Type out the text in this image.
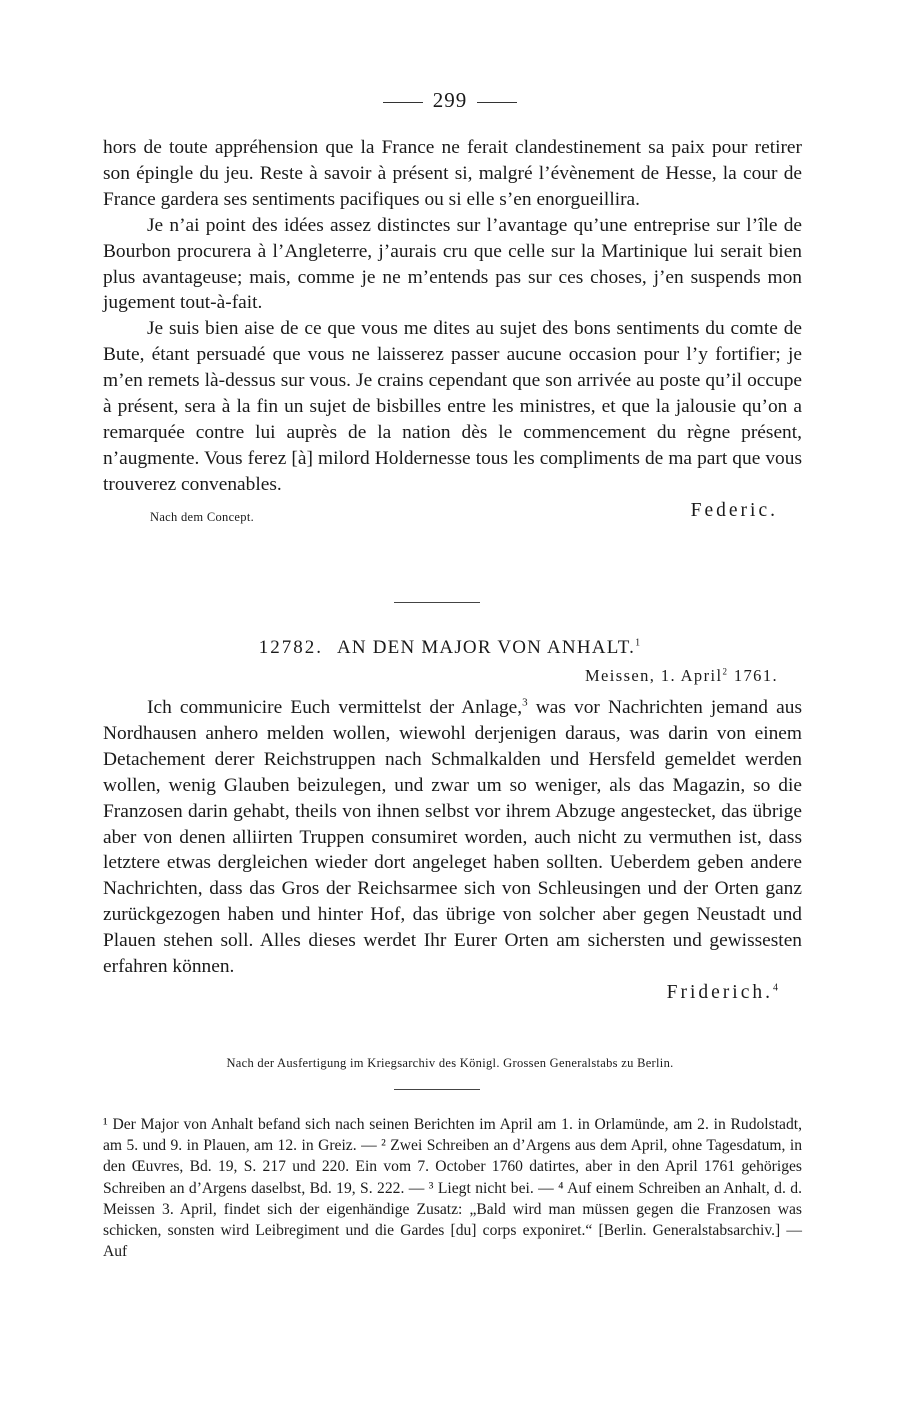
299

hors de toute appréhension que la France ne ferait clandestinement sa paix pour retirer son épingle du jeu. Reste à savoir à présent si, malgré l’évènement de Hesse, la cour de France gardera ses sentiments pacifiques ou si elle s’en enorgueillira.

Je n’ai point des idées assez distinctes sur l’avantage qu’une entreprise sur l’île de Bourbon procurera à l’Angleterre, j’aurais cru que celle sur la Martinique lui serait bien plus avantageuse; mais, comme je ne m’entends pas sur ces choses, j’en suspends mon jugement tout-à-fait.

Je suis bien aise de ce que vous me dites au sujet des bons sentiments du comte de Bute, étant persuadé que vous ne laisserez passer aucune occasion pour l’y fortifier; je m’en remets là-dessus sur vous. Je crains cependant que son arrivée au poste qu’il occupe à présent, sera à la fin un sujet de bisbilles entre les ministres, et que la jalousie qu’on a remarquée contre lui auprès de la nation dès le commencement du règne présent, n’augmente. Vous ferez [à] milord Holdernesse tous les compliments de ma part que vous trouverez convenables.

Nach dem Concept.	Federic.
12782. AN DEN MAJOR VON ANHALT.$^1$
Meissen, 1. April$^2$ 1761.

Ich communicire Euch vermittelst der Anlage,$^3$ was vor Nachrichten jemand aus Nordhausen anhero melden wollen, wiewohl derjenigen daraus, was darin von einem Detachement derer Reichstruppen nach Schmalkalden und Hersfeld gemeldet werden wollen, wenig Glauben beizulegen, und zwar um so weniger, als das Magazin, so die Franzosen darin gehabt, theils von ihnen selbst vor ihrem Abzuge angestecket, das übrige aber von denen alliirten Truppen consumiret worden, auch nicht zu vermuthen ist, dass letztere etwas dergleichen wieder dort angeleget haben sollten. Ueberdem geben andere Nachrichten, dass das Gros der Reichsarmee sich von Schleusingen und der Orten ganz zurückgezogen haben und hinter Hof, das übrige von solcher aber gegen Neustadt und Plauen stehen soll. Alles dieses werdet Ihr Eurer Orten am sichersten und gewissesten erfahren können.

Friderich.$^4$
Nach der Ausfertigung im Kriegsarchiv des Königl. Grossen Generalstabs zu Berlin.
¹ Der Major von Anhalt befand sich nach seinen Berichten im April am 1. in Orlamünde, am 2. in Rudolstadt, am 5. und 9. in Plauen, am 12. in Greiz. — ² Zwei Schreiben an d’Argens aus dem April, ohne Tagesdatum, in den Œuvres, Bd. 19, S. 217 und 220. Ein vom 7. October 1760 datirtes, aber in den April 1761 gehöriges Schreiben an d’Argens daselbst, Bd. 19, S. 222. — ³ Liegt nicht bei. — ⁴ Auf einem Schreiben an Anhalt, d. d. Meissen 3. April, findet sich der eigenhändige Zusatz: „Bald wird man müssen gegen die Franzosen was schicken, sonsten wird Leibregiment und die Gardes [du] corps exponiret.“ [Berlin. Generalstabsarchiv.] — Auf
